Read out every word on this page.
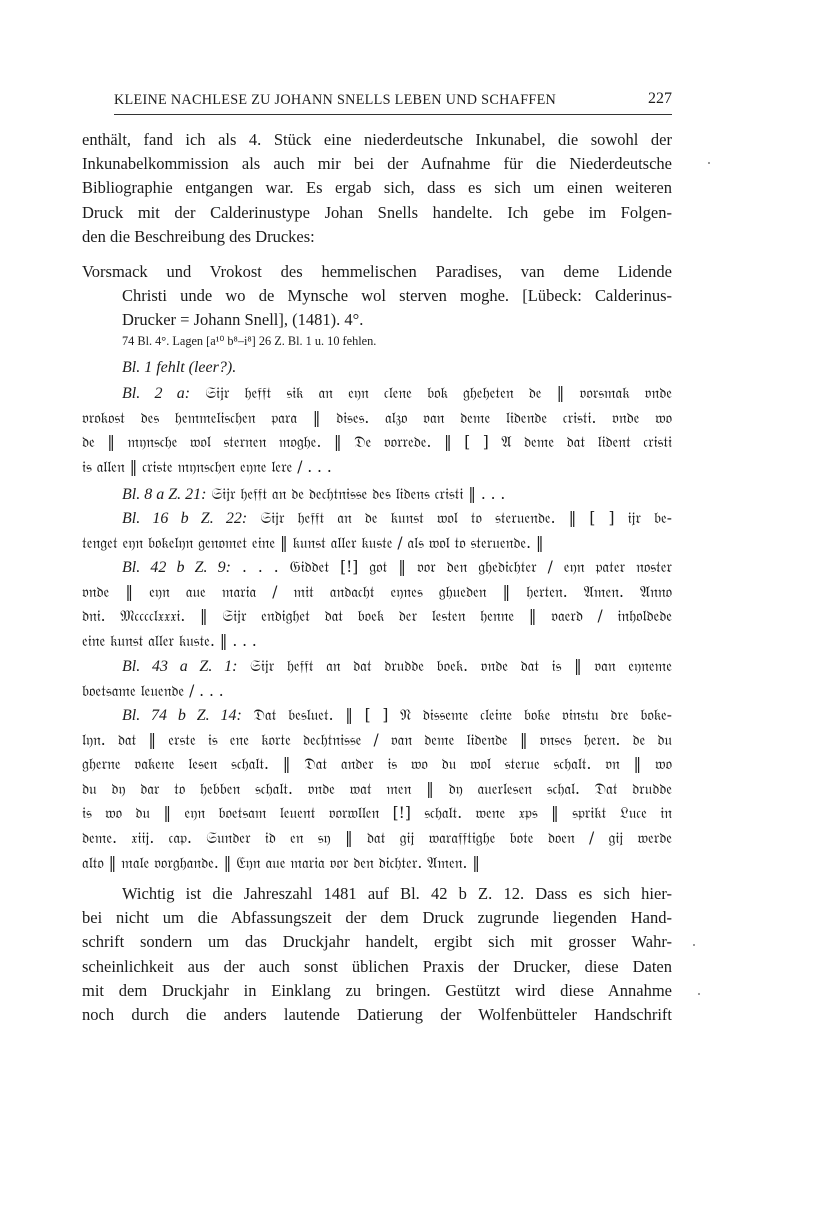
KLEINE NACHLESE ZU JOHANN SNELLS LEBEN UND SCHAFFEN	227
enthält, fand ich als 4. Stück eine niederdeutsche Inkunabel, die sowohl der
Inkunabelkommission als auch mir bei der Aufnahme für die Niederdeutsche
Bibliographie entgangen war. Es ergab sich, dass es sich um einen weiteren
Druck mit der Calderinustype Johan Snells handelte. Ich gebe im Folgen-
den die Beschreibung des Druckes:
Vorsmack und Vrokost des hemmelischen Paradises, van deme Lidende
Christi unde wo de Mynsche wol sterven moghe. [Lübeck: Calderinus-
Drucker = Johann Snell], (1481). 4°.
74 Bl. 4°. Lagen [a¹⁰ b⁸–i⁸] 26 Z. Bl. 1 u. 10 fehlen.
Bl. 1 fehlt (leer?).
Bl. 2 a: 𝔖𝔦𝔧𝔯 𝔥𝔢𝔣𝔣𝔱 𝔰𝔦𝔨 𝔞𝔫 𝔢𝔶𝔫 𝔠𝔩𝔢𝔫𝔢 𝔟𝔬𝔨 𝔤𝔥𝔢𝔥𝔢𝔱𝔢𝔫 𝔡𝔢 ‖ 𝔳𝔬𝔯𝔰𝔪𝔞𝔨 𝔳𝔫𝔡𝔢
𝔳𝔯𝔬𝔨𝔬𝔰𝔱 𝔡𝔢𝔰 𝔥𝔢𝔪𝔪𝔢𝔩𝔦𝔰𝔠𝔥𝔢𝔫 𝔭𝔞𝔯𝔞 ‖ 𝔡𝔦𝔰𝔢𝔰. 𝔞𝔩𝔷𝔬 𝔳𝔞𝔫 𝔡𝔢𝔪𝔢 𝔩𝔦𝔡𝔢𝔫𝔡𝔢 𝔠𝔯𝔦𝔰𝔱𝔦. 𝔳𝔫𝔡𝔢 𝔴𝔬
𝔡𝔢 ‖ 𝔪𝔶𝔫𝔰𝔠𝔥𝔢 𝔴𝔬𝔩 𝔰𝔱𝔢𝔯𝔫𝔢𝔫 𝔪𝔬𝔤𝔥𝔢. ‖ 𝔇𝔢 𝔳𝔬𝔯𝔯𝔢𝔡𝔢. ‖ [ ] 𝔄 𝔡𝔢𝔪𝔢 𝔡𝔞𝔱 𝔩𝔦𝔡𝔢𝔫𝔱 𝔠𝔯𝔦𝔰𝔱𝔦
𝔦𝔰 𝔞𝔩𝔩𝔢𝔫 ‖ 𝔠𝔯𝔦𝔰𝔱𝔢 𝔪𝔶𝔫𝔰𝔠𝔥𝔢𝔫 𝔢𝔶𝔫𝔢 𝔩𝔢𝔯𝔢 / . . .
Bl. 8 a Z. 21: 𝔖𝔦𝔧𝔯 𝔥𝔢𝔣𝔣𝔱 𝔞𝔫 𝔡𝔢 𝔡𝔢𝔠𝔥𝔱𝔫𝔦𝔰𝔰𝔢 𝔡𝔢𝔰 𝔩𝔦𝔡𝔢𝔫𝔰 𝔠𝔯𝔦𝔰𝔱𝔦 ‖ . . .
Bl. 16 b Z. 22: 𝔖𝔦𝔧𝔯 𝔥𝔢𝔣𝔣𝔱 𝔞𝔫 𝔡𝔢 𝔨𝔲𝔫𝔰𝔱 𝔴𝔬𝔩 𝔱𝔬 𝔰𝔱𝔢𝔯𝔲𝔢𝔫𝔡𝔢. ‖ [ ] 𝔦𝔧𝔯 𝔟𝔢-
𝔱𝔢𝔫𝔤𝔢𝔱 𝔢𝔶𝔫 𝔟𝔬𝔨𝔢𝔩𝔶𝔫 𝔤𝔢𝔫𝔬𝔪𝔢𝔱 𝔢𝔦𝔫𝔢 ‖ 𝔨𝔲𝔫𝔰𝔱 𝔞𝔩𝔩𝔢𝔯 𝔨𝔲𝔰𝔱𝔢 / 𝔞𝔩𝔰 𝔴𝔬𝔩 𝔱𝔬 𝔰𝔱𝔢𝔯𝔲𝔢𝔫𝔡𝔢. ‖
Bl. 42 b Z. 9: . . . 𝔊𝔦𝔡𝔡𝔢𝔱 [!] 𝔤𝔬𝔱 ‖ 𝔳𝔬𝔯 𝔡𝔢𝔫 𝔤𝔥𝔢𝔡𝔦𝔠𝔥𝔱𝔢𝔯 / 𝔢𝔶𝔫 𝔭𝔞𝔱𝔢𝔯 𝔫𝔬𝔰𝔱𝔢𝔯
𝔳𝔫𝔡𝔢 ‖ 𝔢𝔶𝔫 𝔞𝔲𝔢 𝔪𝔞𝔯𝔦𝔞 / 𝔪𝔦𝔱 𝔞𝔫𝔡𝔞𝔠𝔥𝔱 𝔢𝔶𝔫𝔢𝔰 𝔤𝔥𝔲𝔢𝔡𝔢𝔫 ‖ 𝔥𝔢𝔯𝔱𝔢𝔫. 𝔄𝔪𝔢𝔫. 𝔄𝔫𝔫𝔬
𝔡𝔫𝔦. 𝔐𝔠𝔠𝔠𝔠𝔩𝔵𝔵𝔵𝔦. ‖ 𝔖𝔦𝔧𝔯 𝔢𝔫𝔡𝔦𝔤𝔥𝔢𝔱 𝔡𝔞𝔱 𝔟𝔬𝔢𝔨 𝔡𝔢𝔯 𝔩𝔢𝔰𝔱𝔢𝔫 𝔥𝔢𝔫𝔫𝔢 ‖ 𝔳𝔞𝔢𝔯𝔡 / 𝔦𝔫𝔥𝔬𝔩𝔡𝔢𝔡𝔢
𝔢𝔦𝔫𝔢 𝔨𝔲𝔫𝔰𝔱 𝔞𝔩𝔩𝔢𝔯 𝔨𝔲𝔰𝔱𝔢. ‖ . . .
Bl. 43 a Z. 1: 𝔖𝔦𝔧𝔯 𝔥𝔢𝔣𝔣𝔱 𝔞𝔫 𝔡𝔞𝔱 𝔡𝔯𝔲𝔡𝔡𝔢 𝔟𝔬𝔢𝔨. 𝔳𝔫𝔡𝔢 𝔡𝔞𝔱 𝔦𝔰 ‖ 𝔳𝔞𝔫 𝔢𝔶𝔫𝔢𝔪𝔢
𝔟𝔬𝔢𝔱𝔰𝔞𝔪𝔢 𝔩𝔢𝔲𝔢𝔫𝔡𝔢 / . . .
Bl. 74 b Z. 14: 𝔇𝔞𝔱 𝔟𝔢𝔰𝔩𝔲𝔢𝔱. ‖ [ ] 𝔑 𝔡𝔦𝔰𝔰𝔢𝔪𝔢 𝔠𝔩𝔢𝔦𝔫𝔢 𝔟𝔬𝔨𝔢 𝔳𝔦𝔫𝔰𝔱𝔲 𝔡𝔯𝔢 𝔟𝔬𝔨𝔢-
𝔩𝔶𝔫. 𝔡𝔞𝔱 ‖ 𝔢𝔯𝔰𝔱𝔢 𝔦𝔰 𝔢𝔫𝔢 𝔨𝔬𝔯𝔱𝔢 𝔡𝔢𝔠𝔥𝔱𝔫𝔦𝔰𝔰𝔢 / 𝔳𝔞𝔫 𝔡𝔢𝔪𝔢 𝔩𝔦𝔡𝔢𝔫𝔡𝔢 ‖ 𝔳𝔫𝔰𝔢𝔰 𝔥𝔢𝔯𝔢𝔫. 𝔡𝔢 𝔡𝔲
𝔤𝔥𝔢𝔯𝔫𝔢 𝔳𝔞𝔨𝔢𝔫𝔢 𝔩𝔢𝔰𝔢𝔫 𝔰𝔠𝔥𝔞𝔩𝔱. ‖ 𝔇𝔞𝔱 𝔞𝔫𝔡𝔢𝔯 𝔦𝔰 𝔴𝔬 𝔡𝔲 𝔴𝔬𝔩 𝔰𝔱𝔢𝔯𝔲𝔢 𝔰𝔠𝔥𝔞𝔩𝔱. 𝔳𝔫 ‖ 𝔴𝔬
𝔡𝔲 𝔡𝔶 𝔡𝔞𝔯 𝔱𝔬 𝔥𝔢𝔟𝔟𝔢𝔫 𝔰𝔠𝔥𝔞𝔩𝔱. 𝔳𝔫𝔡𝔢 𝔴𝔞𝔱 𝔪𝔢𝔫 ‖ 𝔡𝔶 𝔞𝔲𝔢𝔯𝔩𝔢𝔰𝔢𝔫 𝔰𝔠𝔥𝔞𝔩. 𝔇𝔞𝔱 𝔡𝔯𝔲𝔡𝔡𝔢
𝔦𝔰 𝔴𝔬 𝔡𝔲 ‖ 𝔢𝔶𝔫 𝔟𝔬𝔢𝔱𝔰𝔞𝔪 𝔩𝔢𝔲𝔢𝔫𝔱 𝔳𝔬𝔯𝔴𝔩𝔩𝔢𝔫 [!] 𝔰𝔠𝔥𝔞𝔩𝔱. 𝔴𝔢𝔫𝔢 𝔵𝔭𝔰 ‖ 𝔰𝔭𝔯𝔦𝔨𝔱 𝔏𝔲𝔠𝔢 𝔦𝔫
𝔡𝔢𝔪𝔢. 𝔵𝔦𝔦𝔧. 𝔠𝔞𝔭. 𝔖𝔲𝔫𝔡𝔢𝔯 𝔦𝔡 𝔢𝔫 𝔰𝔶 ‖ 𝔡𝔞𝔱 𝔤𝔦𝔧 𝔴𝔞𝔯𝔞𝔣𝔣𝔱𝔦𝔤𝔥𝔢 𝔟𝔬𝔱𝔢 𝔡𝔬𝔢𝔫 / 𝔤𝔦𝔧 𝔴𝔢𝔯𝔡𝔢
𝔞𝔩𝔱𝔬 ‖ 𝔪𝔞𝔩𝔢 𝔳𝔬𝔯𝔤𝔥𝔞𝔫𝔡𝔢. ‖ 𝔈𝔶𝔫 𝔞𝔲𝔢 𝔪𝔞𝔯𝔦𝔞 𝔳𝔬𝔯 𝔡𝔢𝔫 𝔡𝔦𝔠𝔥𝔱𝔢𝔯. 𝔄𝔪𝔢𝔫. ‖
Wichtig ist die Jahreszahl 1481 auf Bl. 42 b Z. 12. Dass es sich hier-
bei nicht um die Abfassungszeit der dem Druck zugrunde liegenden Hand-
schrift sondern um das Druckjahr handelt, ergibt sich mit grosser Wahr-
scheinlichkeit aus der auch sonst üblichen Praxis der Drucker, diese Daten
mit dem Druckjahr in Einklang zu bringen. Gestützt wird diese Annahme
noch durch die anders lautende Datierung der Wolfenbütteler Handschrift
